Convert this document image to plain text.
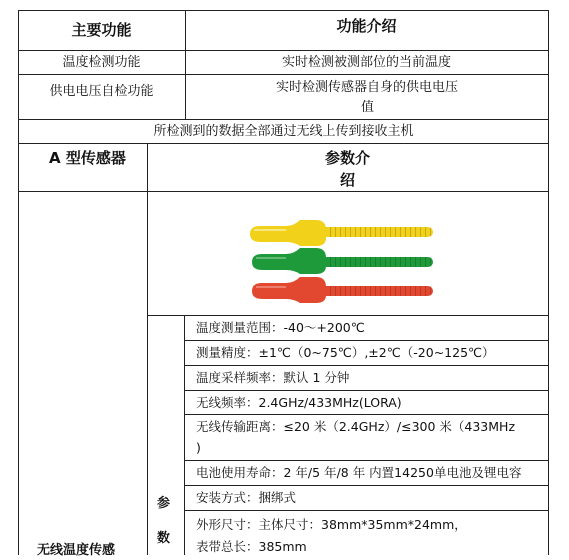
主要功能	功能介绍
温度检测功能	实时检测被测部位的当前温度
供电电压自检功能	实时检测传感器自身的供电电压
值
所检测到的数据全部通过无线上传到接收主机
A 型传感器	参数介
绍
无线温度传感
参
数
温度测量范围：-40～+200℃
测量精度：±1℃（0~75℃）,±2℃（-20~125℃）
温度采样频率：默认 1 分钟
无线频率：2.4GHz/433MHz(LORA)
无线传输距离：≤20 米（2.4GHz）/≤300 米（433MHz
)
电池使用寿命：2 年/5 年/8 年 内置14250单电池及锂电容
安装方式：捆绑式
外形尺寸：主体尺寸：38mm*35mm*24mm，
表带总长：385mm
